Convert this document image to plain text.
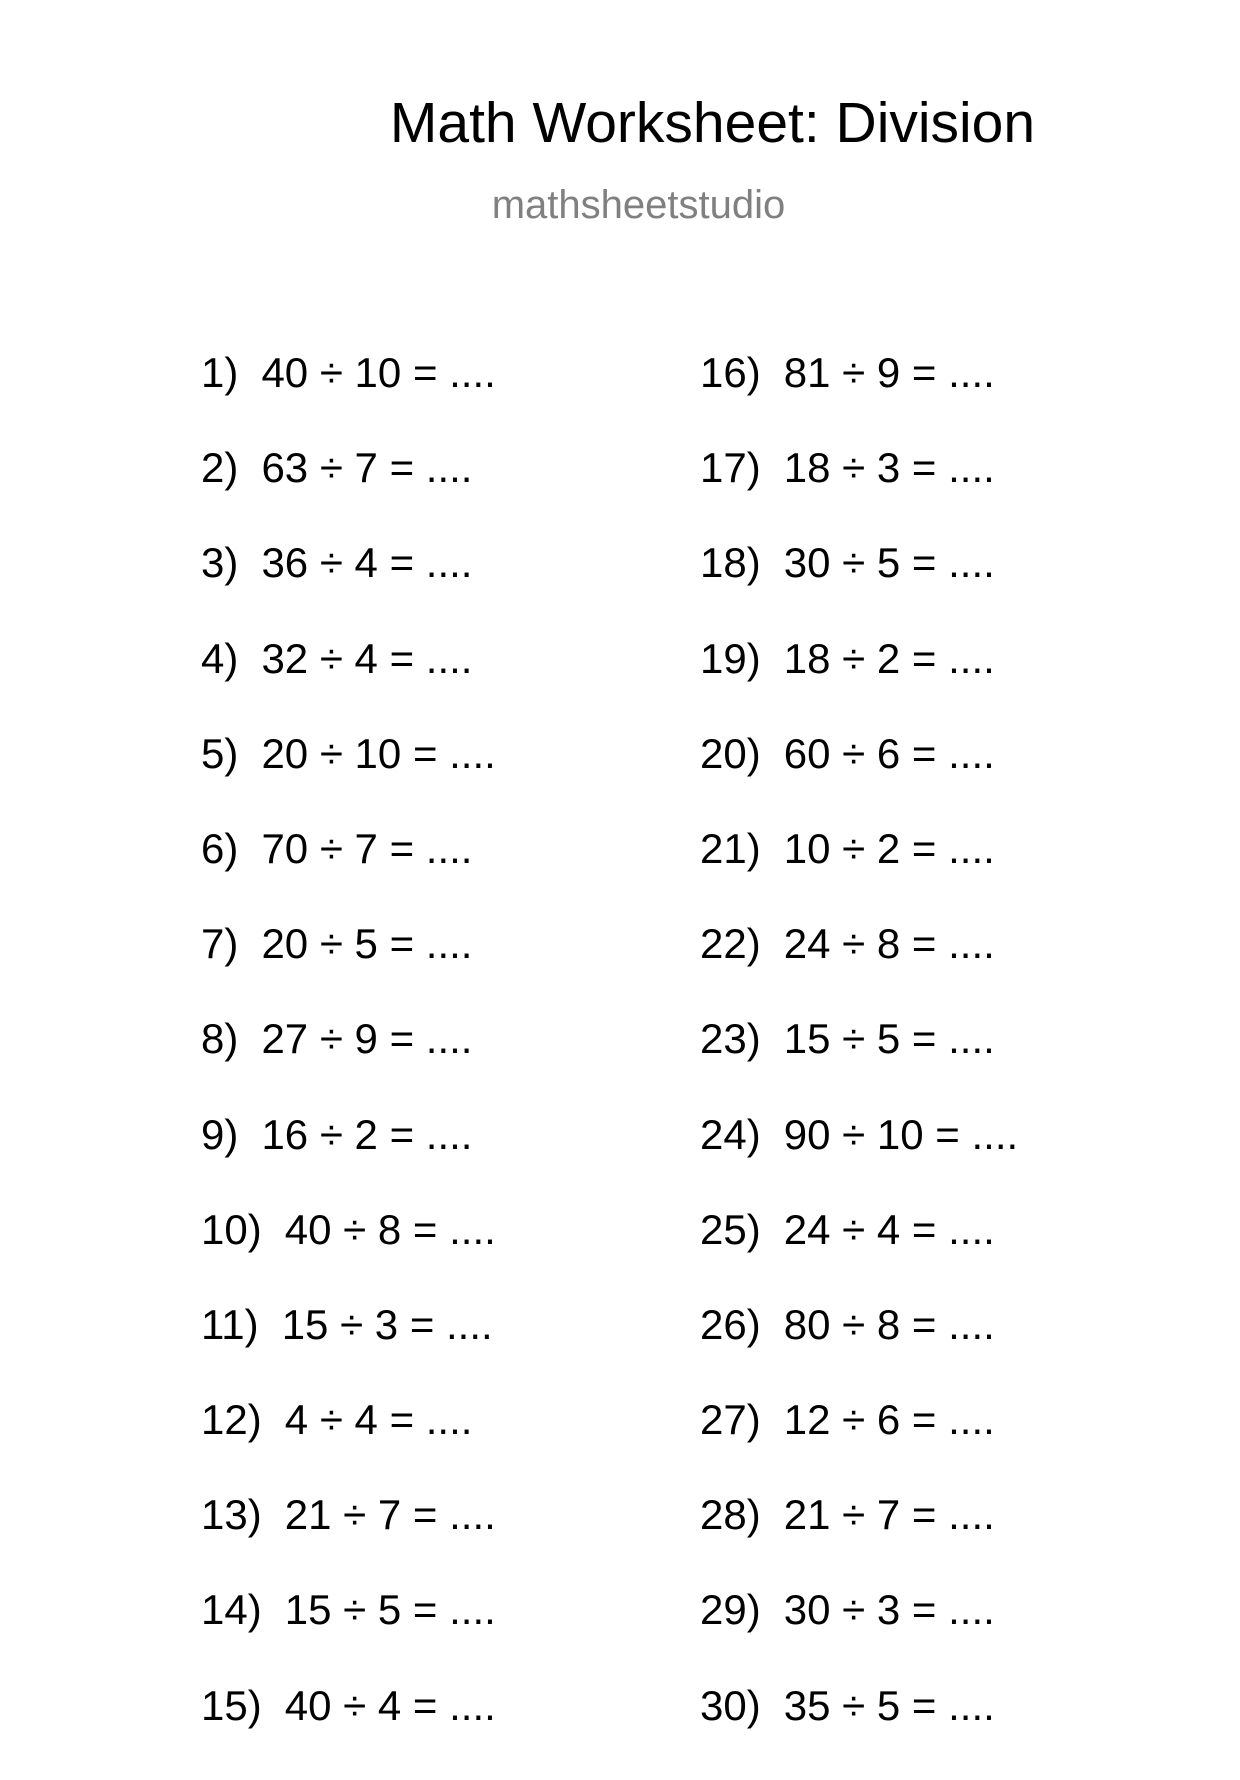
Math Worksheet: Division
mathsheetstudio
1) 40 ÷ 10 = ....
2) 63 ÷ 7 = ....
3) 36 ÷ 4 = ....
4) 32 ÷ 4 = ....
5) 20 ÷ 10 = ....
6) 70 ÷ 7 = ....
7) 20 ÷ 5 = ....
8) 27 ÷ 9 = ....
9) 16 ÷ 2 = ....
10) 40 ÷ 8 = ....
11) 15 ÷ 3 = ....
12) 4 ÷ 4 = ....
13) 21 ÷ 7 = ....
14) 15 ÷ 5 = ....
15) 40 ÷ 4 = ....
16) 81 ÷ 9 = ....
17) 18 ÷ 3 = ....
18) 30 ÷ 5 = ....
19) 18 ÷ 2 = ....
20) 60 ÷ 6 = ....
21) 10 ÷ 2 = ....
22) 24 ÷ 8 = ....
23) 15 ÷ 5 = ....
24) 90 ÷ 10 = ....
25) 24 ÷ 4 = ....
26) 80 ÷ 8 = ....
27) 12 ÷ 6 = ....
28) 21 ÷ 7 = ....
29) 30 ÷ 3 = ....
30) 35 ÷ 5 = ....
